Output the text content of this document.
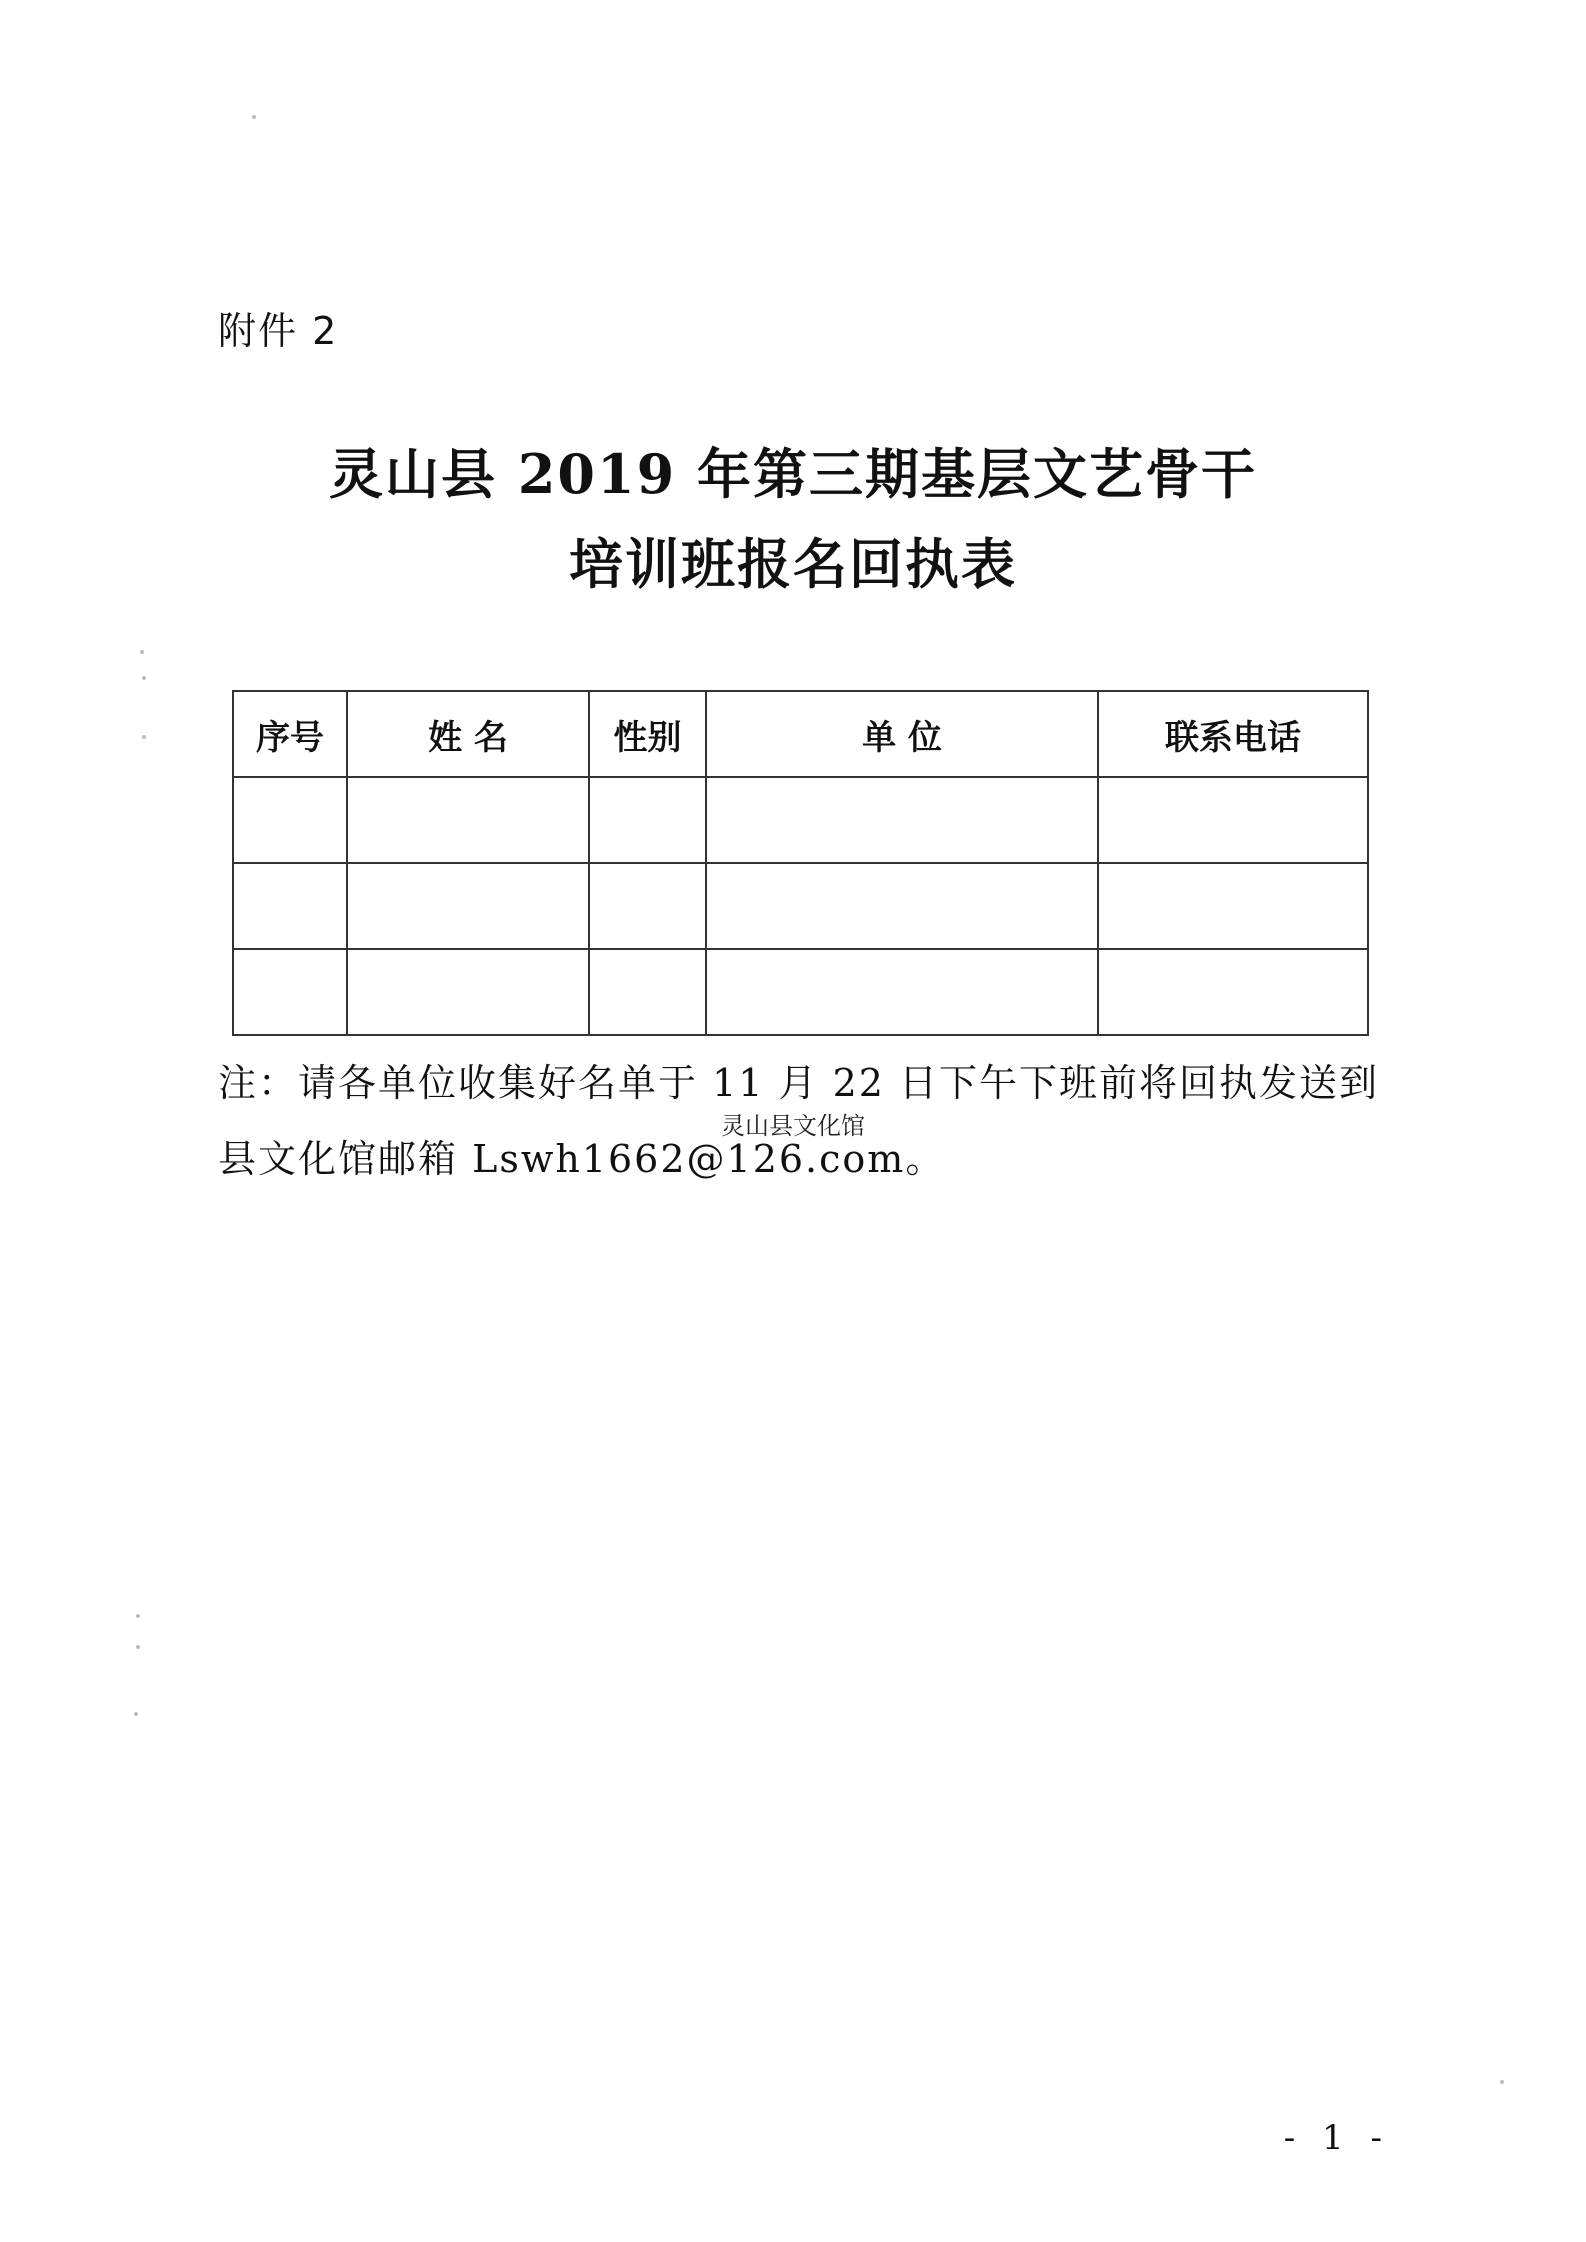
附件 2
灵山县 2019 年第三期基层文艺骨干
培训班报名回执表
序号	姓 名	性别	单 位	联系电话

注：请各单位收集好名单于 11 月 22 日下午下班前将回执发送到
县文化馆邮箱 Lswh1662@126.com。
灵山县文化馆
- 1 -
